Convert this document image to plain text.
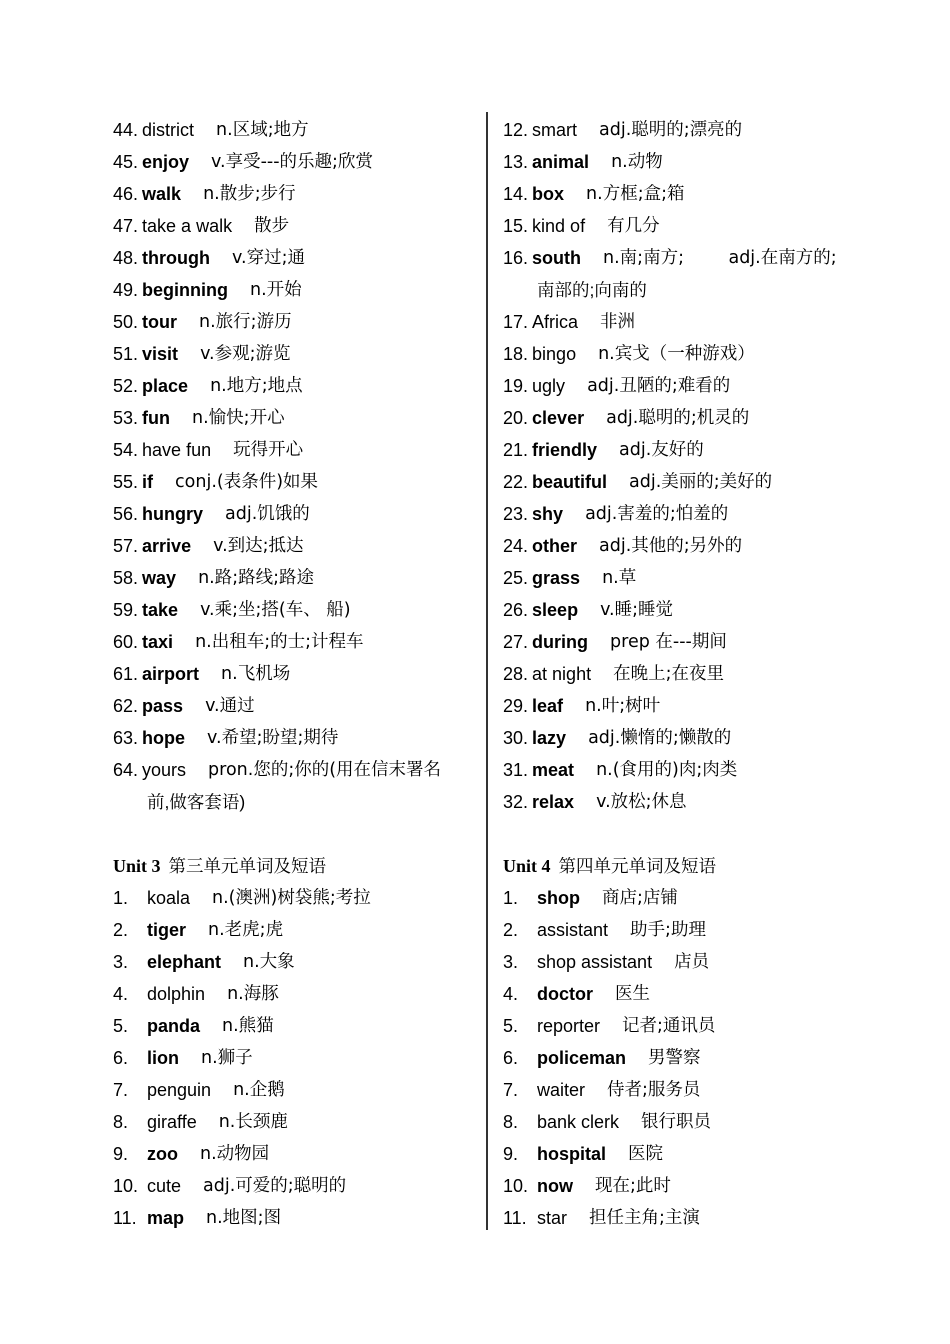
44. district n.区域;地方
45. enjoy v.享受---的乐趣;欣赏
46. walk n.散步;步行
47. take a walk 散步
48. through v.穿过;通
49. beginning n.开始
50. tour n.旅行;游历
51. visit v.参观;游览
52. place n.地方;地点
53. fun n.愉快;开心
54. have fun 玩得开心
55. if conj.(表条件)如果
56. hungry adj.饥饿的
57. arrive v.到达;抵达
58. way n.路;路线;路途
59. take v.乘;坐;搭(车、 船)
60. taxi n.出租车;的士;计程车
61. airport n.飞机场
62. pass v.通过
63. hope v.希望;盼望;期待
64. yours pron.您的;你的(用在信末署名
前,做客套语)
Unit 3 第三单元单词及短语
1.	koala n.(澳洲)树袋熊;考拉
2.	tiger n.老虎;虎
3.	elephant n.大象
4.	dolphin n.海豚
5.	panda n.熊猫
6.	lion n.狮子
7.	penguin n.企鹅
8.	giraffe n.长颈鹿
9.	zoo n.动物园
10. cute adj.可爱的;聪明的
11. map n.地图;图
12. smart adj.聪明的;漂亮的
13. animal n.动物
14. box n.方框;盒;箱
15. kind of 有几分
16. south n.南;南方;        adj.在南方的;
南部的;向南的
17. Africa 非洲
18. bingo n.宾戈（一种游戏）
19. ugly adj.丑陋的;难看的
20. clever adj.聪明的;机灵的
21. friendly adj.友好的
22. beautiful adj.美丽的;美好的
23. shy adj.害羞的;怕羞的
24. other adj.其他的;另外的
25. grass n.草
26. sleep v.睡;睡觉
27. during prep 在---期间
28. at night 在晚上;在夜里
29. leaf n.叶;树叶
30. lazy adj.懒惰的;懒散的
31. meat n.(食用的)肉;肉类
32. relax v.放松;休息
Unit 4 第四单元单词及短语
1.	shop 商店;店铺
2.	assistant 助手;助理
3.	shop assistant 店员
4.	doctor 医生
5.	reporter 记者;通讯员
6.	policeman 男警察
7.	waiter 侍者;服务员
8.	bank clerk 银行职员
9.	hospital 医院
10. now 现在;此时
11. star 担任主角;主演
